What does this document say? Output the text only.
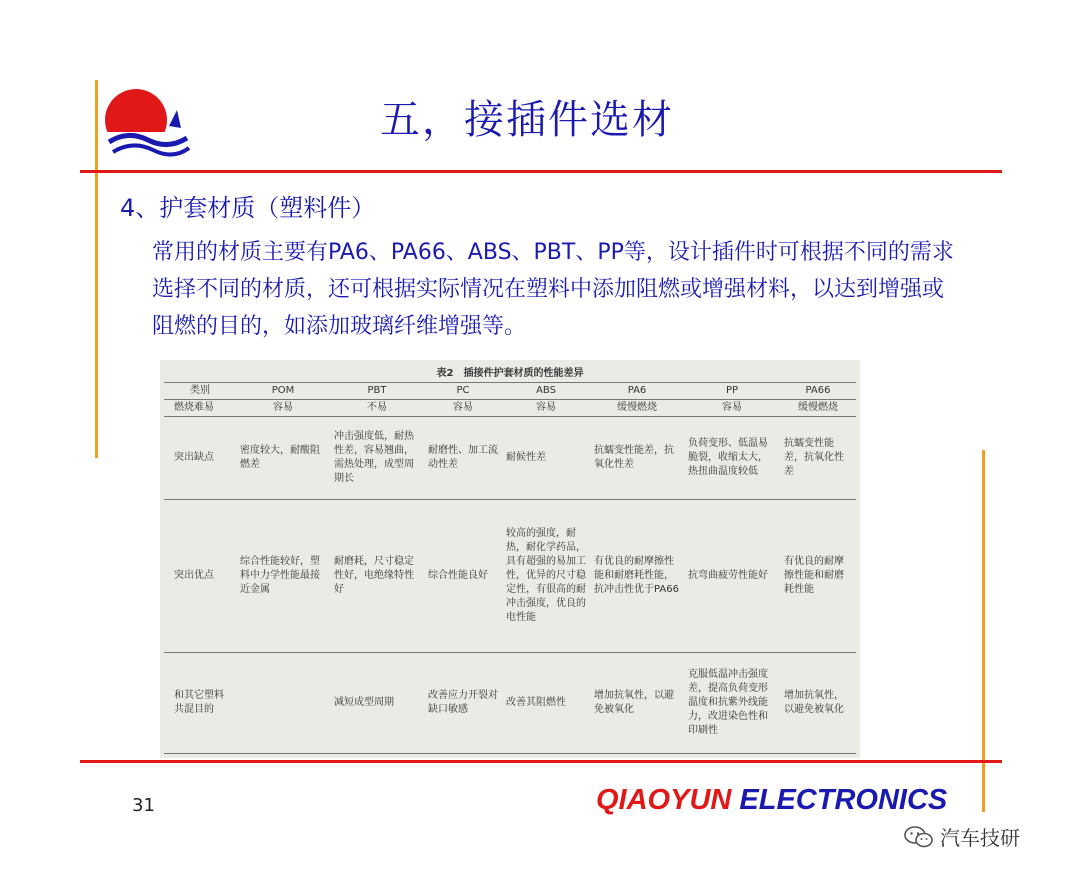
五，接插件选材
4、护套材质（塑料件）
常用的材质主要有PA6、PA66、ABS、PBT、PP等，设计插件时可根据不同的需求选择不同的材质，还可根据实际情况在塑料中添加阻燃或增强材料，以达到增强或阻燃的目的，如添加玻璃纤维增强等。
表2　插接件护套材质的性能差异
类别	POM	PBT	PC	ABS	PA6	PP	PA66
燃烧难易	容易	不易	容易	容易	缓慢燃烧	容易	缓慢燃烧
突出缺点	密度较大，耐酸阻燃差	冲击强度低，耐热性差，容易翘曲，需热处理，成型周期长	耐磨性、加工流动性差	耐候性差	抗蠕变性能差，抗氧化性差	负荷变形、低温易脆裂，收缩太大，热扭曲温度较低	抗蠕变性能差，抗氧化性差
突出优点	综合性能较好，塑料中力学性能最接近金属	耐磨耗，尺寸稳定性好，电绝缘特性好	综合性能良好	较高的强度，耐热，耐化学药品，具有超强的易加工性，优异的尺寸稳定性，有很高的耐冲击强度，优良的电性能	有优良的耐摩擦性能和耐磨耗性能，抗冲击性优于PA66	抗弯曲疲劳性能好	有优良的耐摩擦性能和耐磨耗性能
和其它塑料共混目的		减短成型周期	改善应力开裂对缺口敏感	改善其阻燃性	增加抗氧性，以避免被氧化	克服低温冲击强度差，提高负荷变形温度和抗紫外线能力，改进染色性和印刷性	增加抗氧性，以避免被氧化
31	QIAOYUN ELECTRONICS
汽车技研
